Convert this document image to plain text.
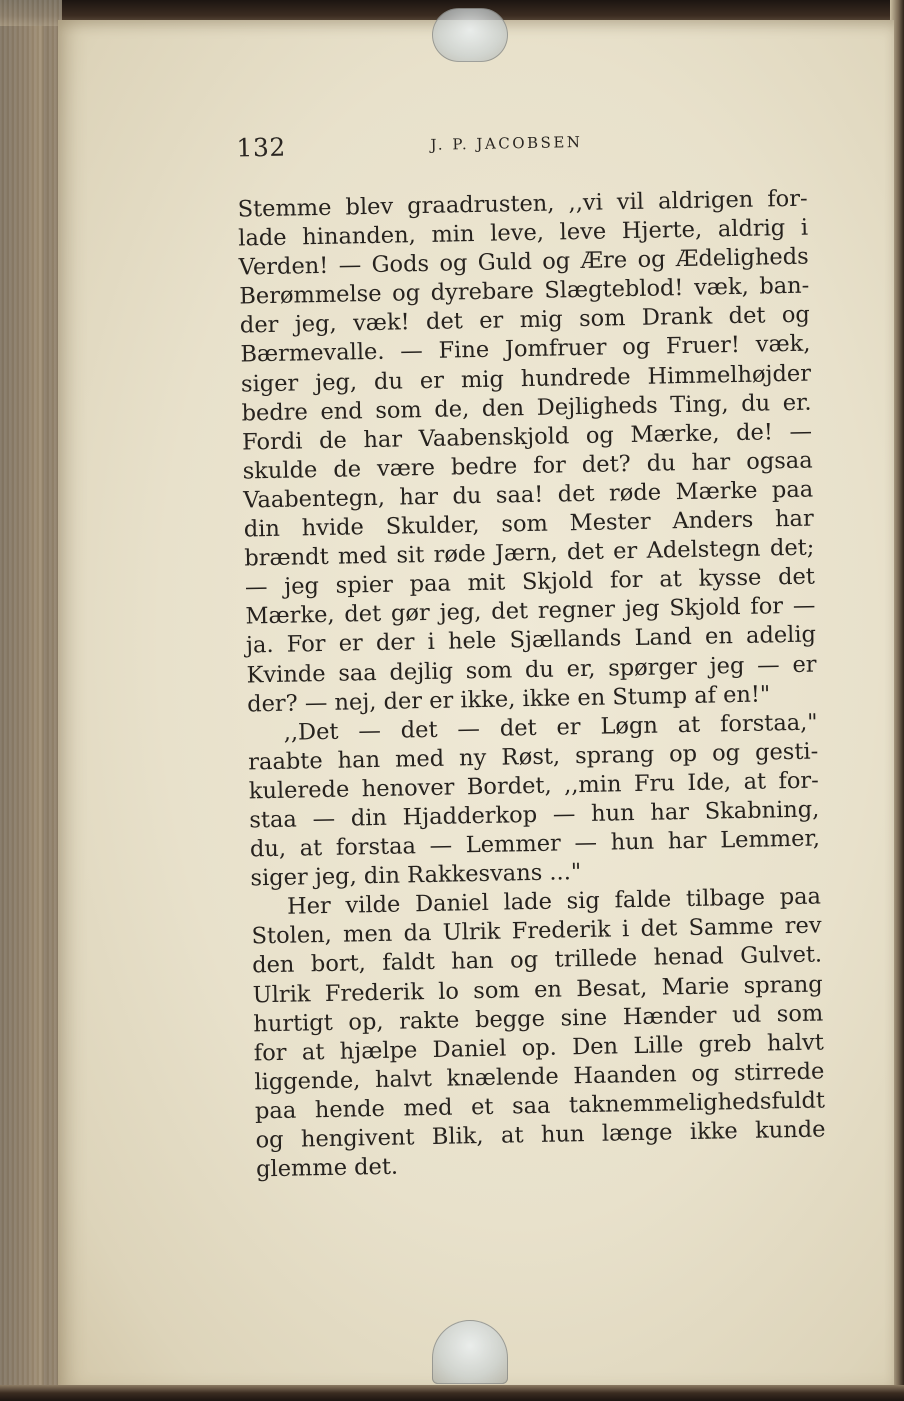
132	J. P. JACOBSEN
Stemme blev graadrusten, ,,vi vil aldrigen for-
lade hinanden, min leve, leve Hjerte, aldrig i
Verden! — Gods og Guld og Ære og Ædeligheds
Berømmelse og dyrebare Slægteblod! væk, ban-
der jeg, væk! det er mig som Drank det og
Bærmevalle. — Fine Jomfruer og Fruer! væk,
siger jeg, du er mig hundrede Himmelhøjder
bedre end som de, den Dejligheds Ting, du er.
Fordi de har Vaabenskjold og Mærke, de! —
skulde de være bedre for det? du har ogsaa
Vaabentegn, har du saa! det røde Mærke paa
din hvide Skulder, som Mester Anders har
brændt med sit røde Jærn, det er Adelstegn det;
— jeg spier paa mit Skjold for at kysse det
Mærke, det gør jeg, det regner jeg Skjold for —
ja. For er der i hele Sjællands Land en adelig
Kvinde saa dejlig som du er, spørger jeg — er
der? — nej, der er ikke, ikke en Stump af en!"
,,Det — det — det er Løgn at forstaa,"
raabte han med ny Røst, sprang op og gesti-
kulerede henover Bordet, ,,min Fru Ide, at for-
staa — din Hjadderkop — hun har Skabning,
du, at forstaa — Lemmer — hun har Lemmer,
siger jeg, din Rakkesvans ..."
Her vilde Daniel lade sig falde tilbage paa
Stolen, men da Ulrik Frederik i det Samme rev
den bort, faldt han og trillede henad Gulvet.
Ulrik Frederik lo som en Besat, Marie sprang
hurtigt op, rakte begge sine Hænder ud som
for at hjælpe Daniel op. Den Lille greb halvt
liggende, halvt knælende Haanden og stirrede
paa hende med et saa taknemmelighedsfuldt
og hengivent Blik, at hun længe ikke kunde
glemme det.
